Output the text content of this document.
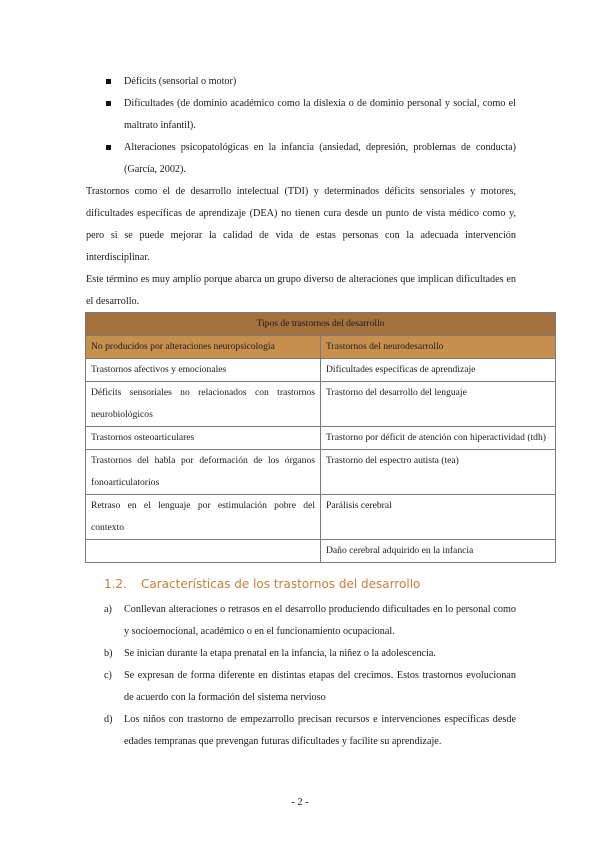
Déficits (sensorial o motor)
Dificultades (de dominio académico como la dislexia o de dominio personal y social, como el maltrato infantil).
Alteraciones psicopatológicas en la infancia (ansiedad, depresión, problemas de conducta) (García, 2002).
Trastornos como el de desarrollo intelectual (TDI) y determinados déficits sensoriales y motores, dificultades específicas de aprendizaje (DEA) no tienen cura desde un punto de vista médico como y, pero si se puede mejorar la calidad de vida de estas personas con la adecuada intervención interdisciplinar.
Este término es muy amplio porque abarca un grupo diverso de alteraciones que implican dificultades en el desarrollo.
Tipos de trastornos del desarrollo	
No producidos por alteraciones neuropsicología	Trastornos del neurodesarrollo
Trastornos afectivos y emocionales	Dificultades específicas de aprendizaje
Déficits sensoriales no relacionados con trastornos neurobiológicos	Trastorno del desarrollo del lenguaje
Trastornos osteoarticulares	Trastorno por déficit de atención con hiperactividad (tdh)
Trastornos del habla por deformación de los órganos fonoarticulatorios	Trastorno del espectro autista (tea)
Retraso en el lenguaje por estimulación pobre del contexto	Parálisis cerebral
	Daño cerebral adquirido en la infancia
1.2. Características de los trastornos del desarrollo
a) Conllevan alteraciones o retrasos en el desarrollo produciendo dificultades en lo personal como y socioemocional, académico o en el funcionamiento ocupacional.
b) Se inician durante la etapa prenatal en la infancia, la niñez o la adolescencia.
c) Se expresan de forma diferente en distintas etapas del crecimos. Estos trastornos evolucionan de acuerdo con la formación del sistema nervioso
d) Los niños con trastorno de empezarrollo precisan recursos e intervenciones específicas desde edades tempranas que prevengan futuras dificultades y facilite su aprendizaje.
- 2 -
